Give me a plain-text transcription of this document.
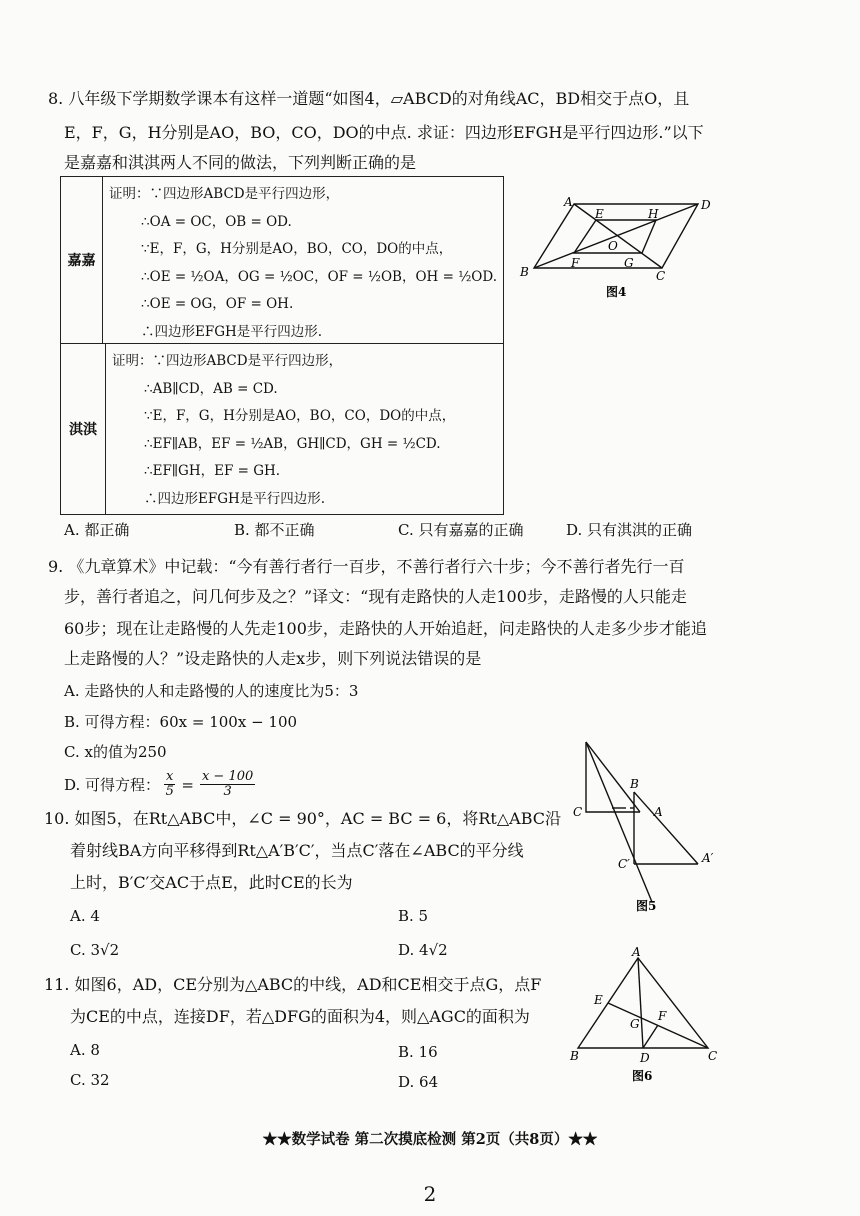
8. 八年级下学期数学课本有这样一道题“如图4，▱ABCD的对角线AC，BD相交于点O，且
E，F，G，H分别是AO，BO，CO，DO的中点. 求证：四边形EFGH是平行四边形.”以下
是嘉嘉和淇淇两人不同的做法，下列判断正确的是
嘉嘉
证明：∵四边形ABCD是平行四边形，
∴OA = OC，OB = OD.
∵E，F，G，H分别是AO，BO，CO，DO的中点，
∴OE = ½OA，OG = ½OC，OF = ½OB，OH = ½OD.
∴OE = OG，OF = OH.
∴四边形EFGH是平行四边形.
淇淇
证明：∵四边形ABCD是平行四边形，
∴AB∥CD，AB = CD.
∵E，F，G，H分别是AO，BO，CO，DO的中点，
∴EF∥AB，EF = ½AB，GH∥CD，GH = ½CD.
∴EF∥GH，EF = GH.
∴四边形EFGH是平行四边形.
A. 都正确	B. 都不正确	C. 只有嘉嘉的正确	D. 只有淇淇的正确
A
E	H
D
O
B
F	G
C
图4
9. 《九章算术》中记载：“今有善行者行一百步，不善行者行六十步；今不善行者先行一百
步，善行者追之，问几何步及之？”译文：“现有走路快的人走100步，走路慢的人只能走
60步；现在让走路慢的人先走100步，走路快的人开始追赶，问走路快的人走多少步才能追
上走路慢的人？”设走路快的人走x步，则下列说法错误的是
A. 走路快的人和走路慢的人的速度比为5：3
B. 可得方程：60x = 100x − 100
C. x的值为250
D. 可得方程： $\frac{x}{5} = \frac{x - 100}{3}$
10. 如图5，在Rt△ABC中，∠C = 90°，AC = BC = 6，将Rt△ABC沿
着射线BA方向平移得到Rt△A′B′C′，当点C′落在∠ABC的平分线
上时，B′C′交AC于点E，此时CE的长为
A. 4	B. 5
C. 3√2	D. 4√2
B
C	A
C′	A′
图5
11. 如图6，AD，CE分别为△ABC的中线，AD和CE相交于点G，点F
为CE的中点，连接DF，若△DFG的面积为4，则△AGC的面积为
A. 8	B. 16
C. 32	D. 64
A
E
G
F
B	D	C
图6
★★数学试卷 第二次摸底检测 第2页（共8页）★★
2
